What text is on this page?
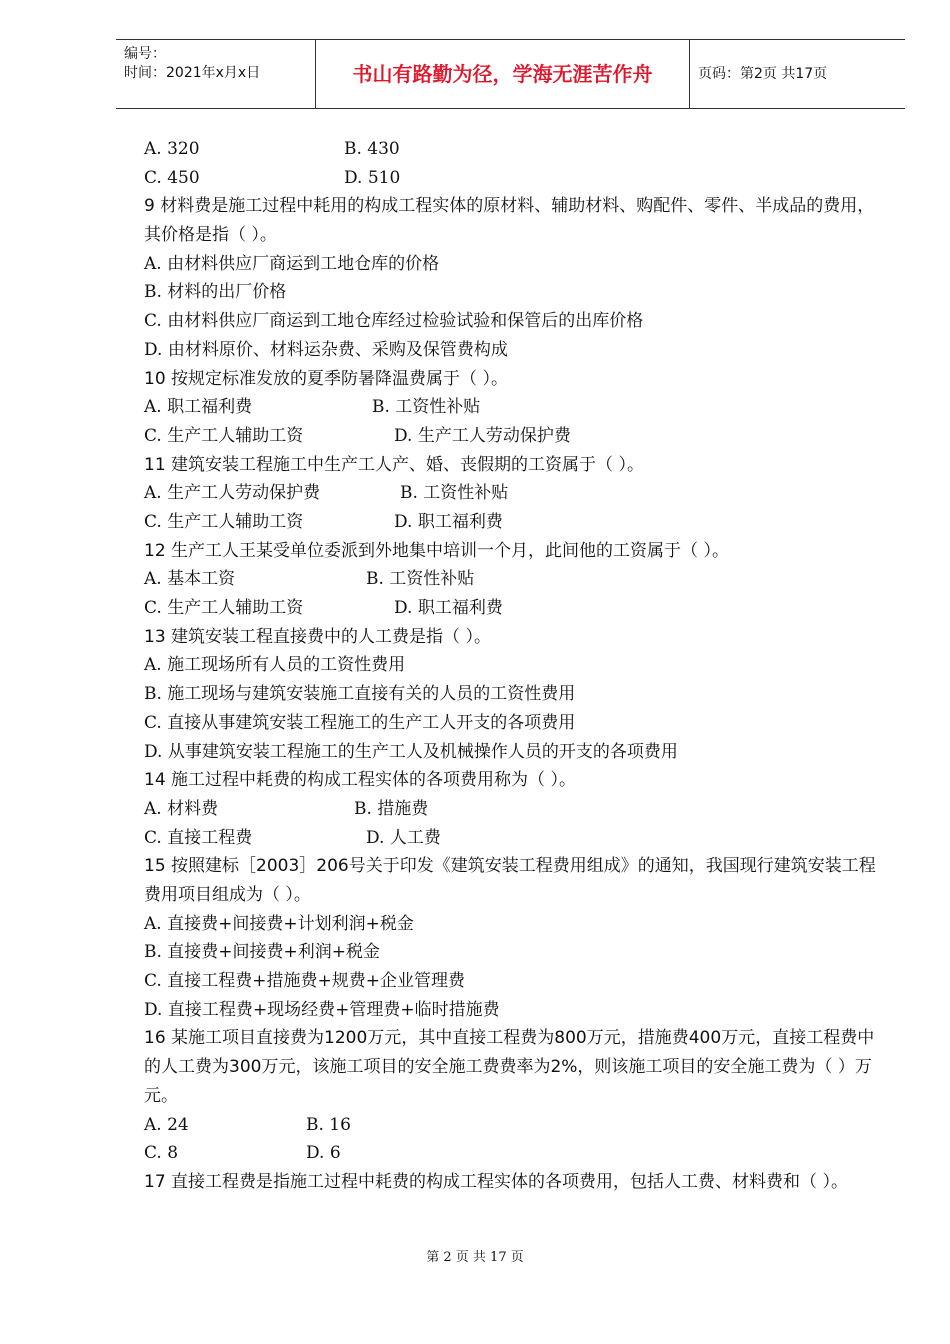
编号：
时间：2021年x月x日	书山有路勤为径，学海无涯苦作舟	页码：第2页 共17页
A. 320	B. 430
C. 450	D. 510
9 材料费是施工过程中耗用的构成工程实体的原材料、辅助材料、购配件、零件、半成品的费用，其价格是指（ ）。
A. 由材料供应厂商运到工地仓库的价格
B. 材料的出厂价格
C. 由材料供应厂商运到工地仓库经过检验试验和保管后的出库价格
D. 由材料原价、材料运杂费、采购及保管费构成
10 按规定标准发放的夏季防暑降温费属于（ ）。
A. 职工福利费	B. 工资性补贴
C. 生产工人辅助工资	D. 生产工人劳动保护费
11 建筑安装工程施工中生产工人产、婚、丧假期的工资属于（ ）。
A. 生产工人劳动保护费	B. 工资性补贴
C. 生产工人辅助工资	D. 职工福利费
12 生产工人王某受单位委派到外地集中培训一个月，此间他的工资属于（ ）。
A. 基本工资	B. 工资性补贴
C. 生产工人辅助工资	D. 职工福利费
13 建筑安装工程直接费中的人工费是指（ ）。
A. 施工现场所有人员的工资性费用
B. 施工现场与建筑安装施工直接有关的人员的工资性费用
C. 直接从事建筑安装工程施工的生产工人开支的各项费用
D. 从事建筑安装工程施工的生产工人及机械操作人员的开支的各项费用
14 施工过程中耗费的构成工程实体的各项费用称为（ ）。
A. 材料费	B. 措施费
C. 直接工程费	D. 人工费
15 按照建标［2003］206号关于印发《建筑安装工程费用组成》的通知，我国现行建筑安装工程费用项目组成为（ ）。
A. 直接费+间接费+计划利润+税金
B. 直接费+间接费+利润+税金
C. 直接工程费+措施费+规费+企业管理费
D. 直接工程费+现场经费+管理费+临时措施费
16 某施工项目直接费为1200万元，其中直接工程费为800万元，措施费400万元，直接工程费中的人工费为300万元，该施工项目的安全施工费费率为2%，则该施工项目的安全施工费为（ ）万元。
A. 24	B. 16
C. 8	D. 6
17 直接工程费是指施工过程中耗费的构成工程实体的各项费用，包括人工费、材料费和（ ）。
第 2 页 共 17 页
